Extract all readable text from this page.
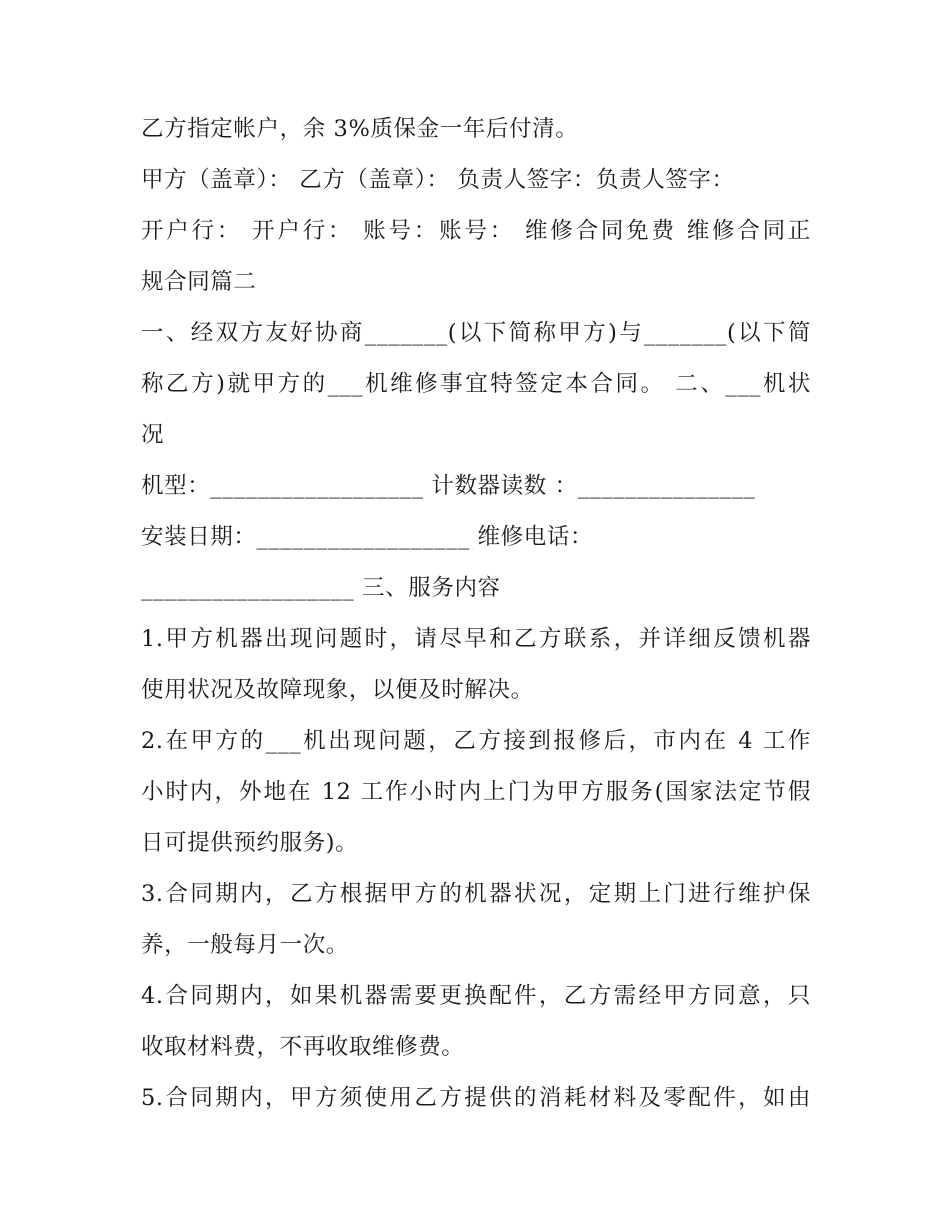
乙方指定帐户，余 3%质保金一年后付清。
甲方（盖章）： 乙方（盖章）： 负责人签字：负责人签字：
开户行： 开户行： 账号：账号： 维修合同免费 维修合同正
规合同篇二
一、经双方友好协商_______(以下简称甲方)与_______(以下简
称乙方)就甲方的___机维修事宜特签定本合同。 二、___机状
况
机型：__________________ 计数器读数 ：_______________
安装日期：__________________ 维修电话：
__________________ 三、服务内容
1.甲方机器出现问题时，请尽早和乙方联系，并详细反馈机器
使用状况及故障现象，以便及时解决。
2.在甲方的___机出现问题，乙方接到报修后，市内在 4 工作
小时内，外地在 12 工作小时内上门为甲方服务(国家法定节假
日可提供预约服务)。
3.合同期内，乙方根据甲方的机器状况，定期上门进行维护保
养，一般每月一次。
4.合同期内，如果机器需要更换配件，乙方需经甲方同意，只
收取材料费，不再收取维修费。
5.合同期内，甲方须使用乙方提供的消耗材料及零配件，如由
